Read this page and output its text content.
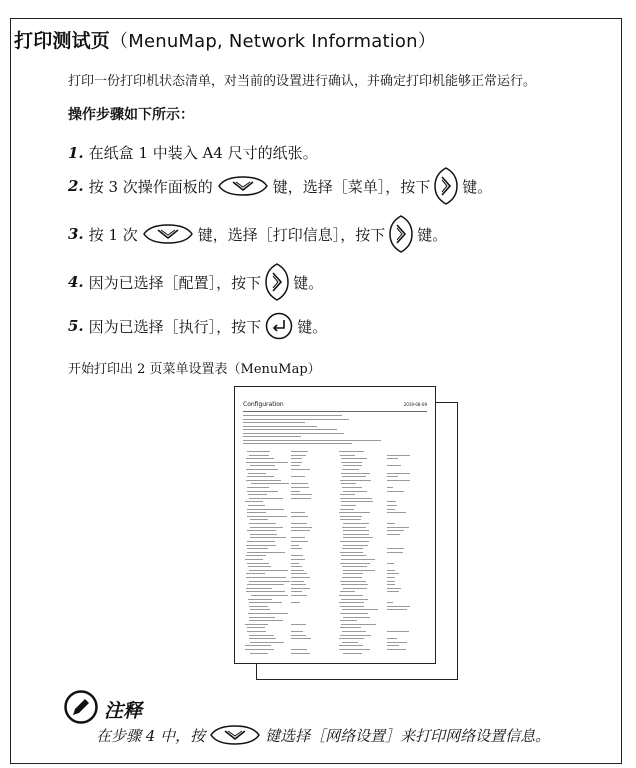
打印测试页（MenuMap, Network Information）
打印一份打印机状态清单，对当前的设置进行确认，并确定打印机能够正常运行。
操作步骤如下所示：
1. 在纸盒 1 中装入 A4 尺寸的纸张。
2. 按 3 次操作面板的	键，选择［菜单］，按下 键。
3. 按 1 次	键，选择［打印信息］，按下 键。
4. 因为已选择［配置］，按下 键。
5. 因为已选择［执行］，按下 键。
开始打印出 2 页菜单设置表（MenuMap）
Configuration	2019-08-09
注释
在步骤 4 中，按	键选择［网络设置］来打印网络设置信息。
